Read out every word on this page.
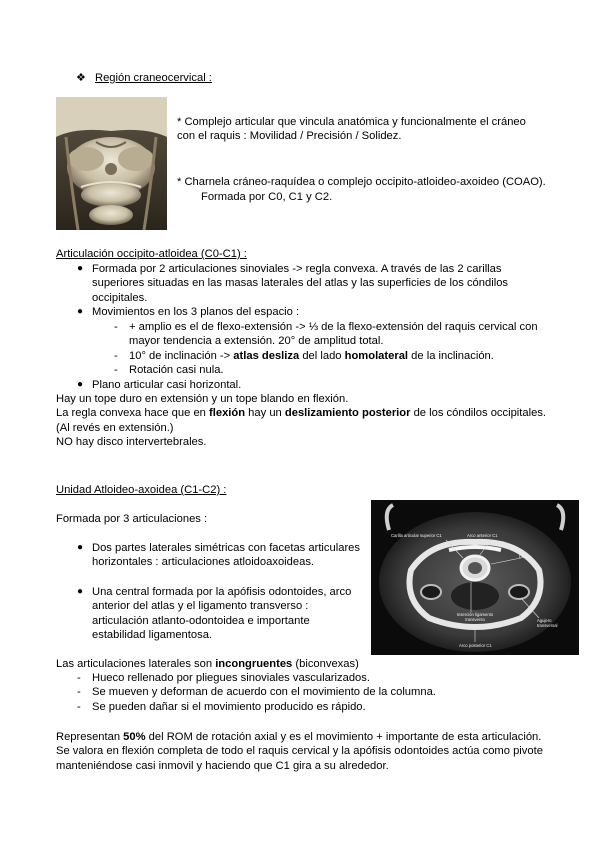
❖ Región craneocervical :
* Complejo articular que vincula anatómica y funcionalmente el cráneo con el raquis : Movilidad / Precisión / Solidez.
* Charnela cráneo-raquídea o complejo occipito-atloideo-axoideo (COAO).
Formada por C0, C1 y C2.
Articulación occipito-atloidea (C0-C1) :
● Formada por 2 articulaciones sinoviales -> regla convexa. A través de las 2 carillas superiores situadas en las masas laterales del atlas y las superficies de los cóndilos occipitales.
● Movimientos en los 3 planos del espacio :
- + amplio es el de flexo-extensión -> ⅓ de la flexo-extensión del raquis cervical con mayor tendencia a extensión. 20° de amplitud total.
- 10° de inclinación -> atlas desliza del lado homolateral de la inclinación.
- Rotación casi nula.
● Plano articular casi horizontal.

Hay un tope duro en extensión y un tope blando en flexión.

La regla convexa hace que en flexión hay un deslizamiento posterior de los cóndilos occipitales.

(Al revés en extensión.)

NO hay disco intervertebrales.

Unidad Atloideo-axoidea (C1-C2) :
Formada por 3 articulaciones :
● Dos partes laterales simétricas con facetas articulares horizontales : articulaciones atloidoaxoideas.
● Una central formada por la apófisis odontoides, arco anterior del atlas y el ligamento transverso : articulación atlanto-odontoidea e importante estabilidad ligamentosa.
Carilla articular superior C1	Arco anterior C1
Dens
Inserción ligamento transverso	Agujero transversal
Arco posterior C1
Las articulaciones laterales son incongruentes (biconvexas)
- Hueco rellenado por pliegues sinoviales vascularizados.
- Se mueven y deforman de acuerdo con el movimiento de la columna.
- Se pueden dañar si el movimiento producido es rápido.
Representan 50% del ROM de rotación axial y es el movimiento + importante de esta articulación. Se valora en flexión completa de todo el raquis cervical y la apófisis odontoides actúa como pivote manteniéndose casi inmovil y haciendo que C1 gira a su alrededor.
